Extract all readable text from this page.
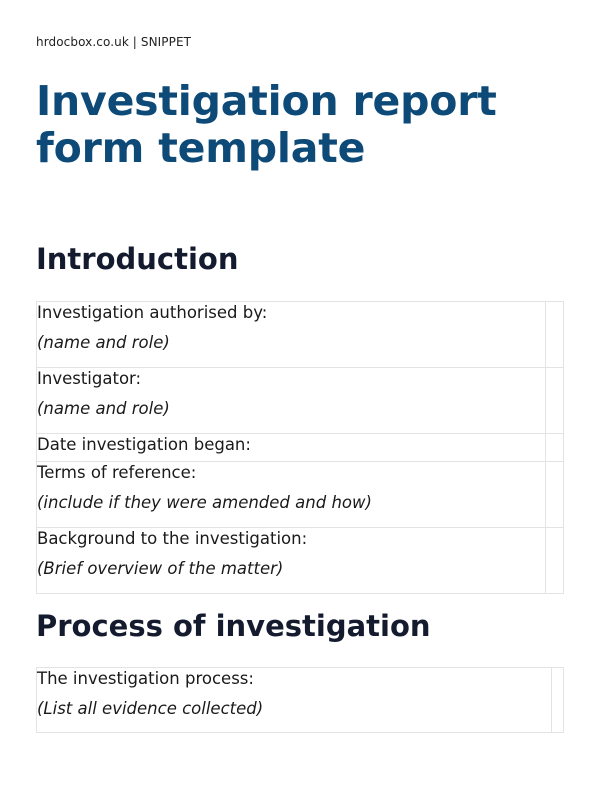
hrdocbox.co.uk | SNIPPET
Investigation report
form template
Introduction
Investigation authorised by:
(name and role)	

Investigator:
(name and role)	

Date investigation began:	

Terms of reference:
(include if they were amended and how)	

Background to the investigation:
(Brief overview of the matter)	

Process of investigation
The investigation process:
(List all evidence collected)
